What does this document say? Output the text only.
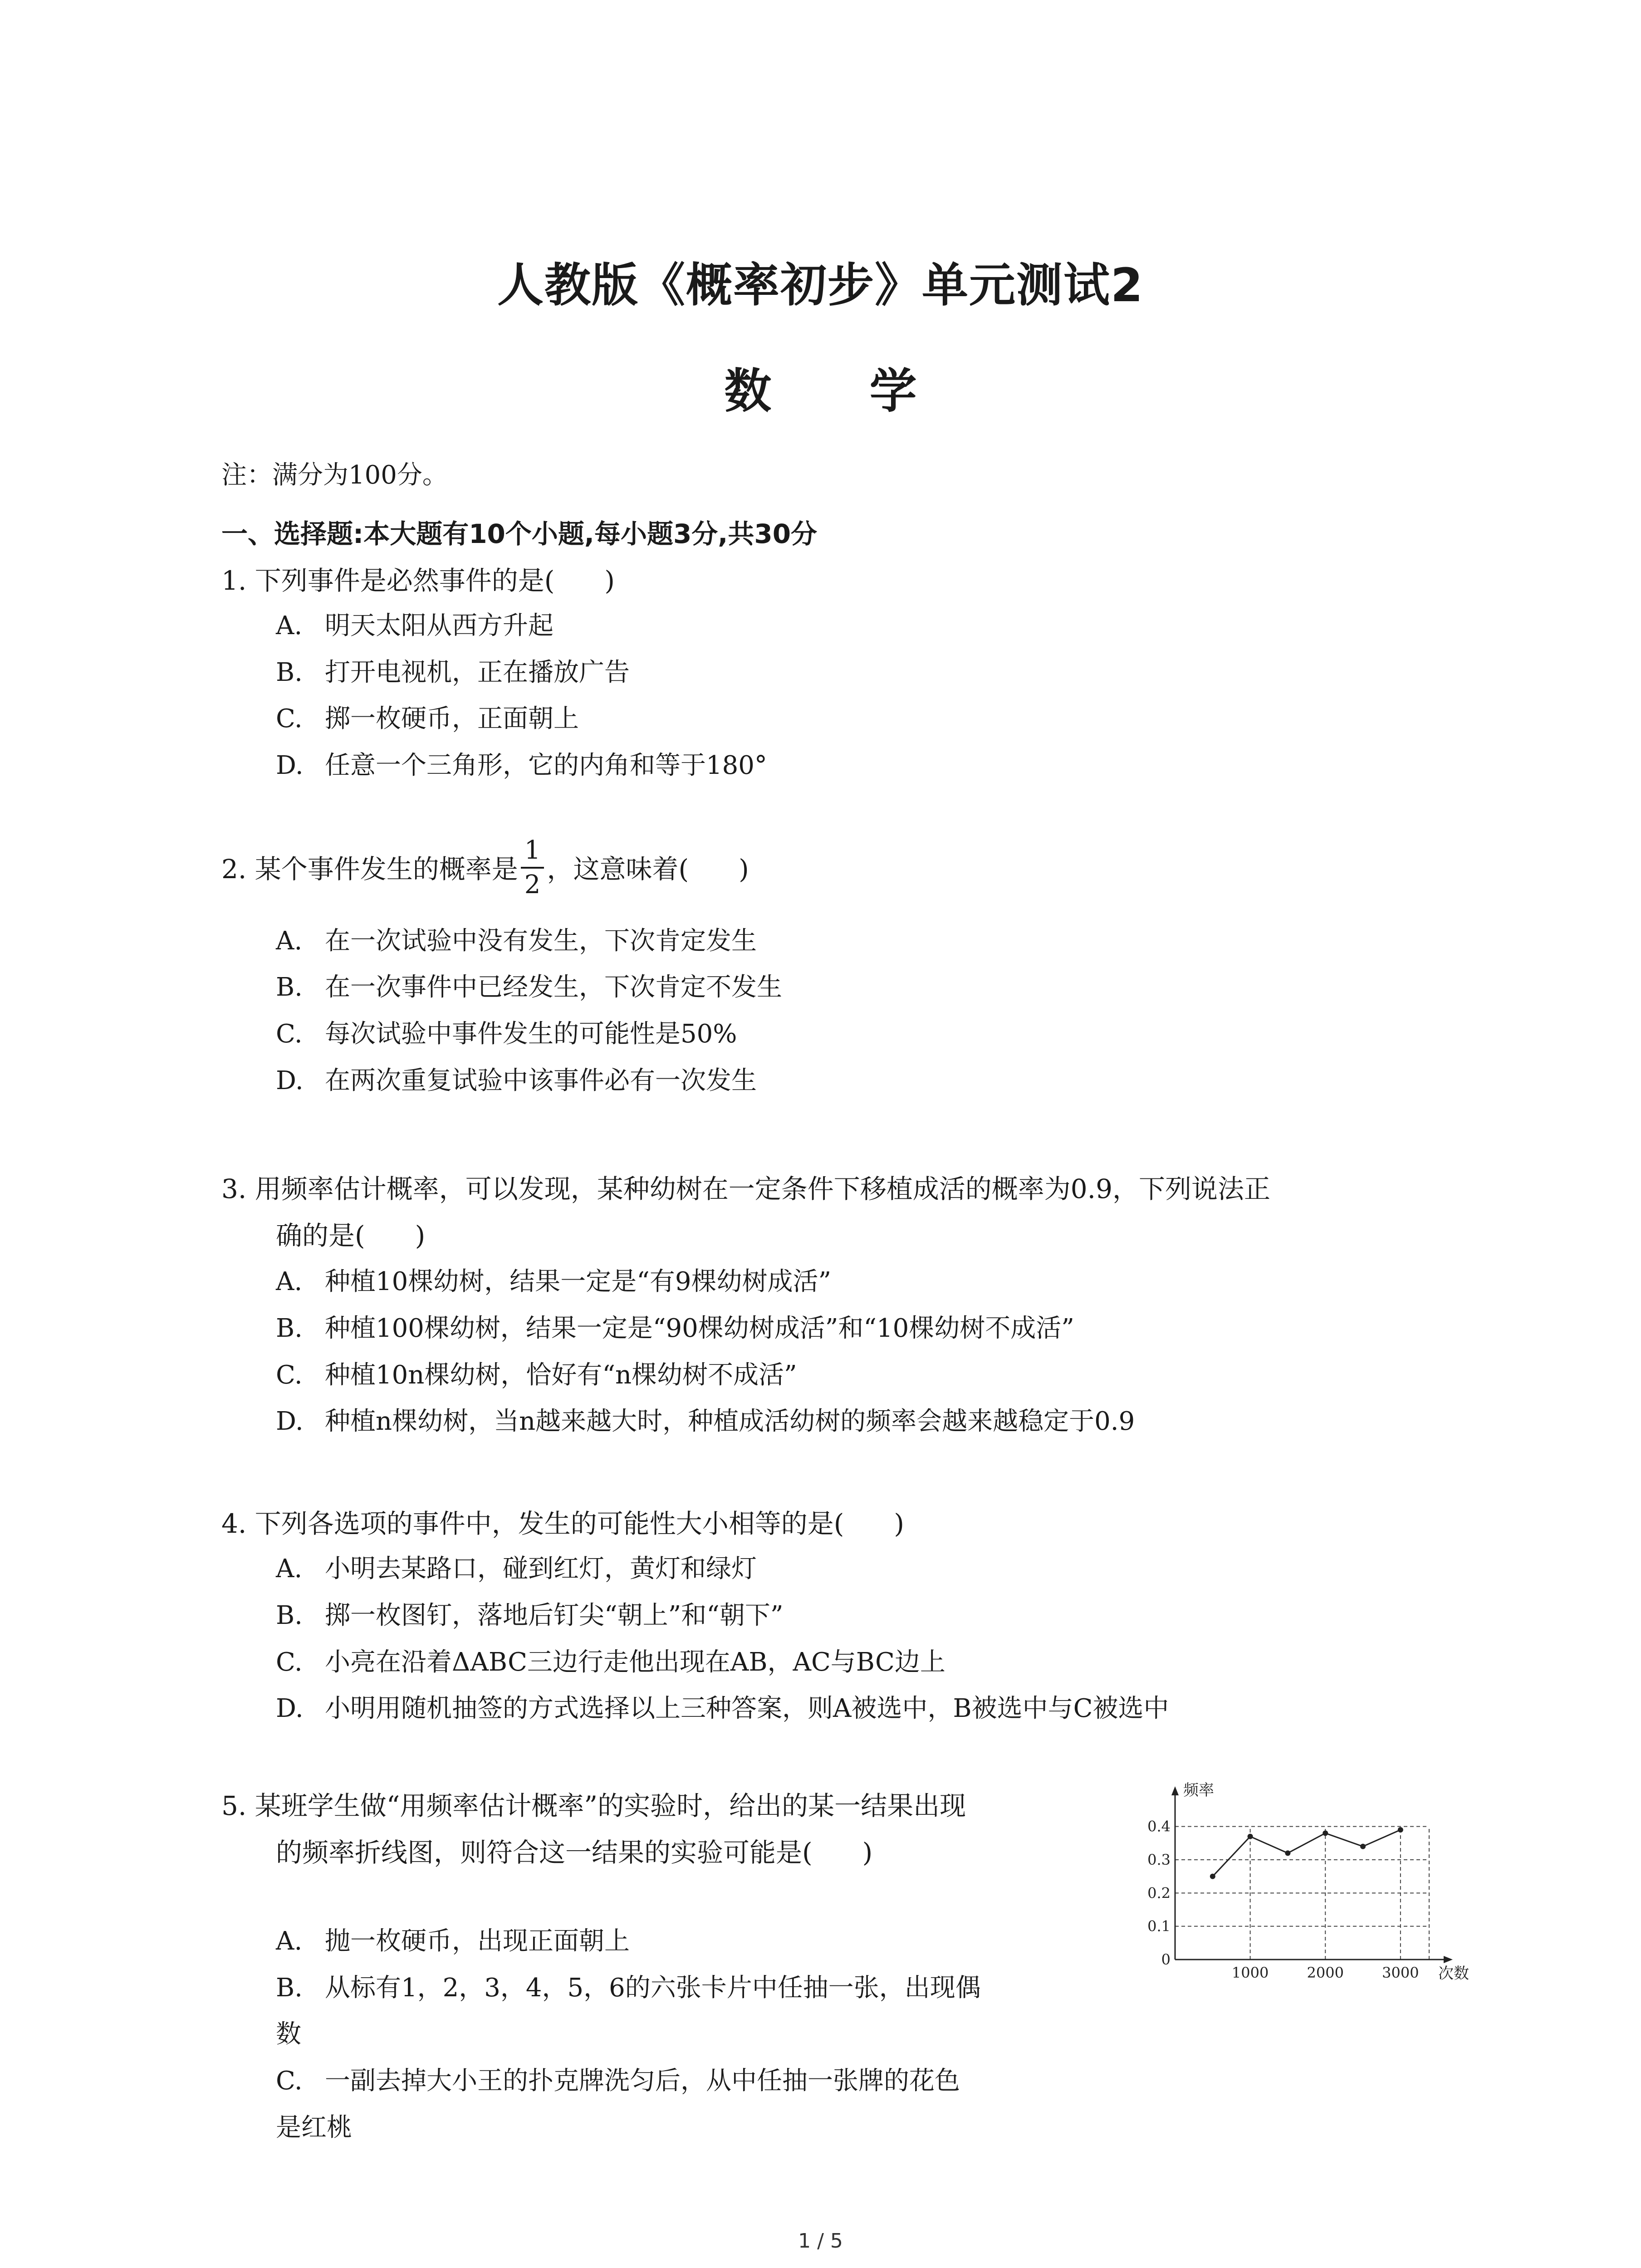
人教版《概率初步》单元测试2
数 学
注：满分为100分。
一、选择题:本大题有10个小题,每小题3分,共30分
1. 下列事件是必然事件的是( )
A. 明天太阳从西方升起
B. 打开电视机，正在播放广告
C. 掷一枚硬币，正面朝上
D. 任意一个三角形，它的内角和等于180°
2. 某个事件发生的概率是 $\frac{1}{2}$ ，这意味着( )
A. 在一次试验中没有发生，下次肯定发生
B. 在一次事件中已经发生，下次肯定不发生
C. 每次试验中事件发生的可能性是50%
D. 在两次重复试验中该事件必有一次发生
3. 用频率估计概率，可以发现，某种幼树在一定条件下移植成活的概率为0.9，下列说法正
确的是( )
A. 种植10棵幼树，结果一定是“有9棵幼树成活”
B. 种植100棵幼树，结果一定是“90棵幼树成活”和“10棵幼树不成活”
C. 种植10n棵幼树，恰好有“n棵幼树不成活”
D. 种植n棵幼树，当n越来越大时，种植成活幼树的频率会越来越稳定于0.9
4. 下列各选项的事件中，发生的可能性大小相等的是( )
A. 小明去某路口，碰到红灯，黄灯和绿灯
B. 掷一枚图钉，落地后钉尖“朝上”和“朝下”
C. 小亮在沿着ΔABC三边行走他出现在AB，AC与BC边上
D. 小明用随机抽签的方式选择以上三种答案，则A被选中，B被选中与C被选中
5. 某班学生做“用频率估计概率”的实验时，给出的某一结果出现
的频率折线图，则符合这一结果的实验可能是( )
A. 抛一枚硬币，出现正面朝上
B. 从标有1，2，3，4，5，6的六张卡片中任抽一张，出现偶
数
C. 一副去掉大小王的扑克牌洗匀后，从中任抽一张牌的花色
是红桃
0
0.1
0.2
0.3
0.4
1000	2000	3000
频率
次数
1 / 5
